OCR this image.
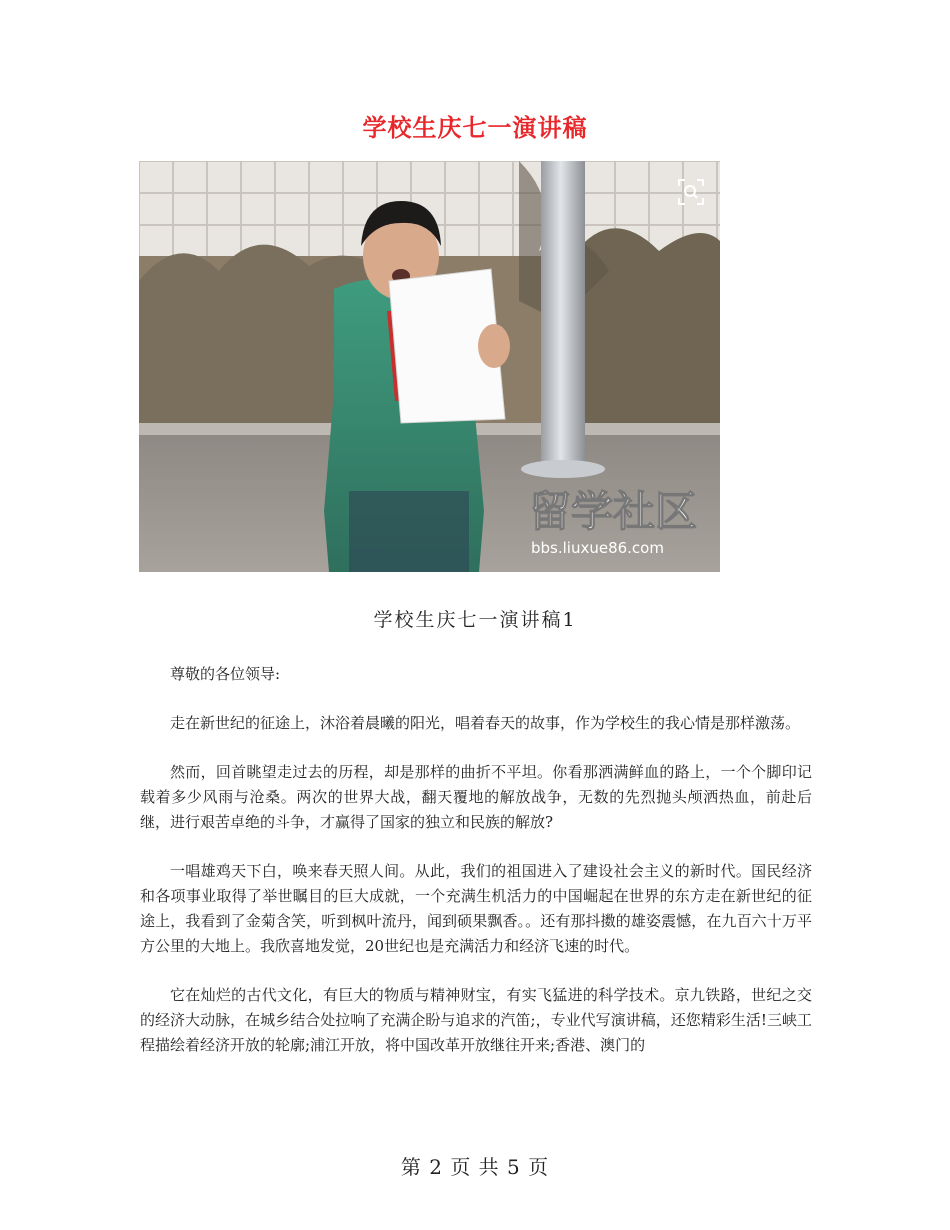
学校生庆七一演讲稿
留学社区
bbs.liuxue86.com
学校生庆七一演讲稿1

尊敬的各位领导:

走在新世纪的征途上，沐浴着晨曦的阳光，唱着春天的故事，作为学校生的我心情是那样激荡。

然而，回首眺望走过去的历程，却是那样的曲折不平坦。你看那洒满鲜血的路上，一个个脚印记载着多少风雨与沧桑。两次的世界大战，翻天覆地的解放战争，无数的先烈抛头颅洒热血，前赴后继，进行艰苦卓绝的斗争，才赢得了国家的独立和民族的解放?

一唱雄鸡天下白，唤来春天照人间。从此，我们的祖国进入了建设社会主义的新时代。国民经济和各项事业取得了举世瞩目的巨大成就，一个充满生机活力的中国崛起在世界的东方走在新世纪的征途上，我看到了金菊含笑，听到枫叶流丹，闻到硕果飘香。。还有那抖擞的雄姿震憾，在九百六十万平方公里的大地上。我欣喜地发觉，20世纪也是充满活力和经济飞速的时代。

它在灿烂的古代文化，有巨大的物质与精神财宝，有实飞猛进的科学技术。京九铁路，世纪之交的经济大动脉，在城乡结合处拉响了充满企盼与追求的汽笛;，专业代写演讲稿，还您精彩生活!三峡工程描绘着经济开放的轮廓;浦江开放，将中国改革开放继往开来;香港、澳门的

第 2 页 共 5 页
